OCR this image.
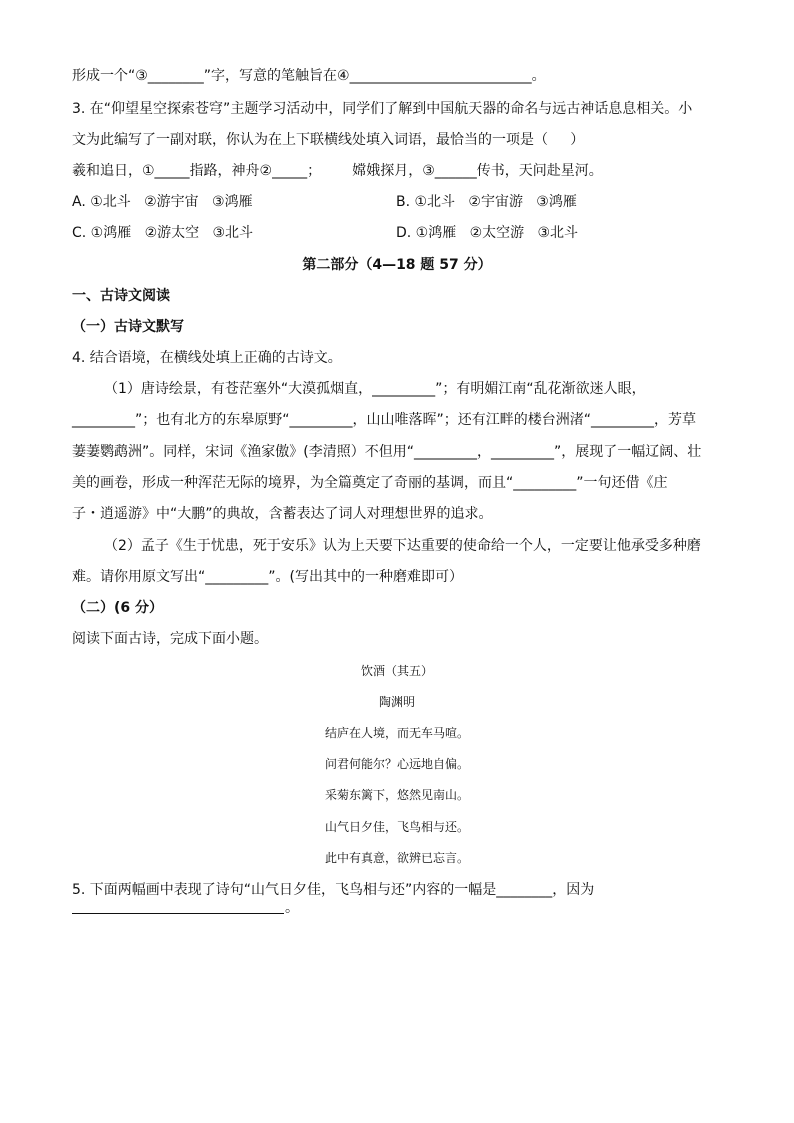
形成一个“③________”字，写意的笔触旨在④__________________________。
3. 在“仰望星空探索苍穹”主题学习活动中，同学们了解到中国航天器的命名与远古神话息息相关。小
文为此编写了一副对联，你认为在上下联横线处填入词语，最恰当的一项是（     ）
羲和追日，①_____指路，神舟②_____；       嫦娥探月，③______传书，天问赴星河。
A. ①北斗   ②游宇宙   ③鸿雁	B. ①北斗   ②宇宙游   ③鸿雁
C. ①鸿雁   ②游太空   ③北斗	D. ①鸿雁   ②太空游   ③北斗
第二部分（4—18 题 57 分）
一、古诗文阅读
（一）古诗文默写
4. 结合语境，在横线处填上正确的古诗文。
（1）唐诗绘景，有苍茫塞外“大漠孤烟直，_________”；有明媚江南“乱花渐欲迷人眼，
_________”；也有北方的东皋原野“_________，山山唯落晖”；还有江畔的楼台洲渚“_________，芳草
萋萋鹦鹉洲”。同样，宋词《渔家傲》(李清照）不但用“_________，_________”，展现了一幅辽阔、壮
美的画卷，形成一种浑茫无际的境界，为全篇奠定了奇丽的基调，而且“_________”一句还借《庄
子・逍遥游》中“大鹏”的典故，含蓄表达了词人对理想世界的追求。
（2）孟子《生于忧患，死于安乐》认为上天要下达重要的使命给一个人，一定要让他承受多种磨
难。请你用原文写出“_________”。(写出其中的一种磨难即可）
（二）(6 分）
阅读下面古诗，完成下面小题。
饮酒（其五）
陶渊明
结庐在人境，而无车马喧。
问君何能尔？心远地自偏。
采菊东篱下，悠然见南山。
山气日夕佳，飞鸟相与还。
此中有真意，欲辨已忘言。
5. 下面两幅画中表现了诗句“山气日夕佳，飞鸟相与还”内容的一幅是________，因为
。
